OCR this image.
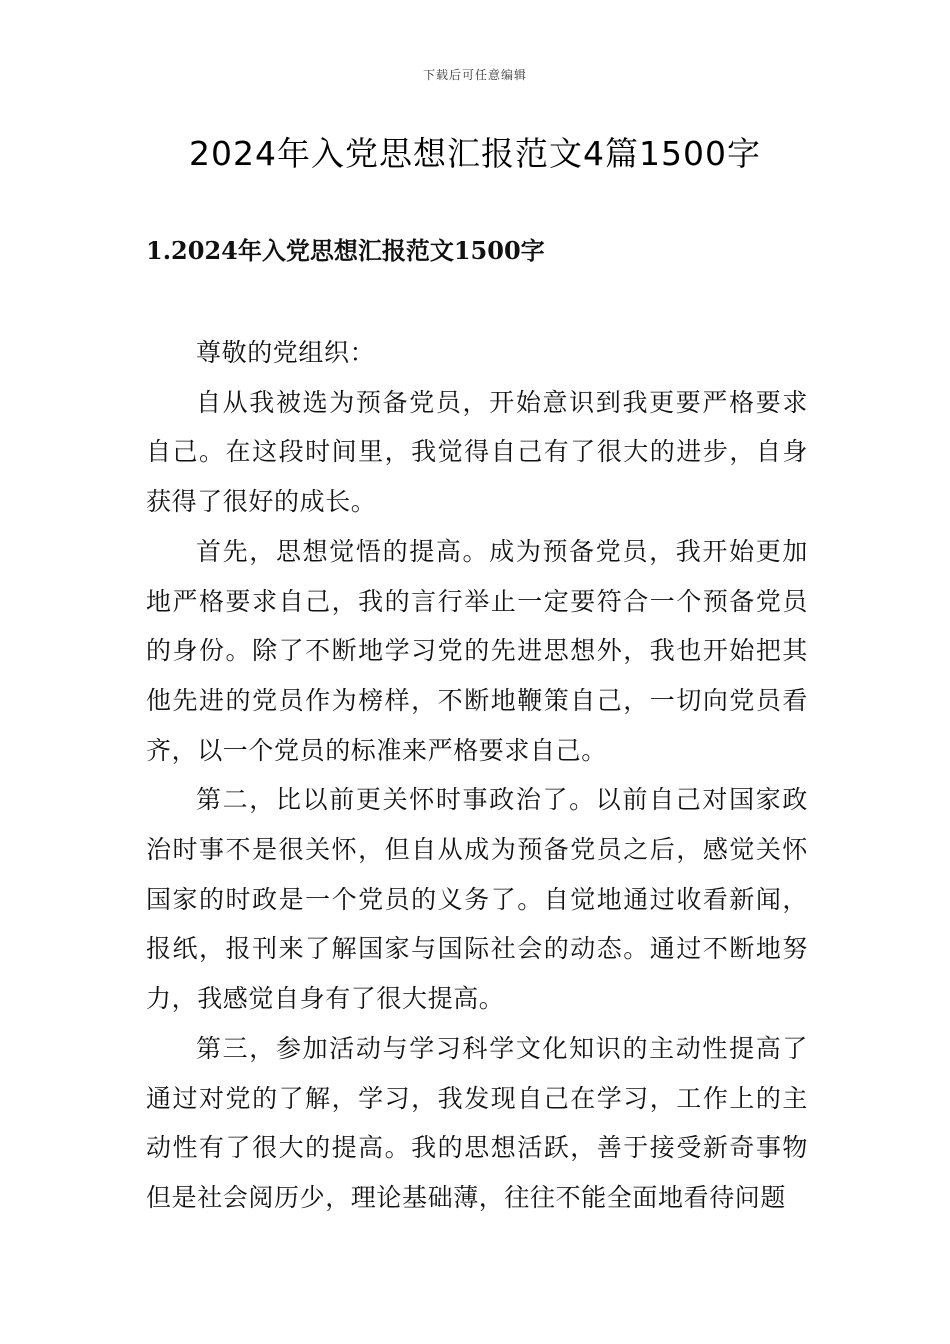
下载后可任意编辑
2024年入党思想汇报范文4篇1500字
1.2024年入党思想汇报范文1500字

尊敬的党组织：

自从我被选为预备党员，开始意识到我更要严格要求自己。在这段时间里，我觉得自己有了很大的进步，自身获得了很好的成长。

首先，思想觉悟的提高。成为预备党员，我开始更加地严格要求自己，我的言行举止一定要符合一个预备党员的身份。除了不断地学习党的先进思想外，我也开始把其他先进的党员作为榜样，不断地鞭策自己，一切向党员看齐，以一个党员的标准来严格要求自己。

第二，比以前更关怀时事政治了。以前自己对国家政治时事不是很关怀，但自从成为预备党员之后，感觉关怀国家的时政是一个党员的义务了。自觉地通过收看新闻，报纸，报刊来了解国家与国际社会的动态。通过不断地努力，我感觉自身有了很大提高。

第三，参加活动与学习科学文化知识的主动性提高了通过对党的了解，学习，我发现自己在学习，工作上的主动性有了很大的提高。我的思想活跃，善于接受新奇事物但是社会阅历少，理论基础薄，往往不能全面地看待问题
